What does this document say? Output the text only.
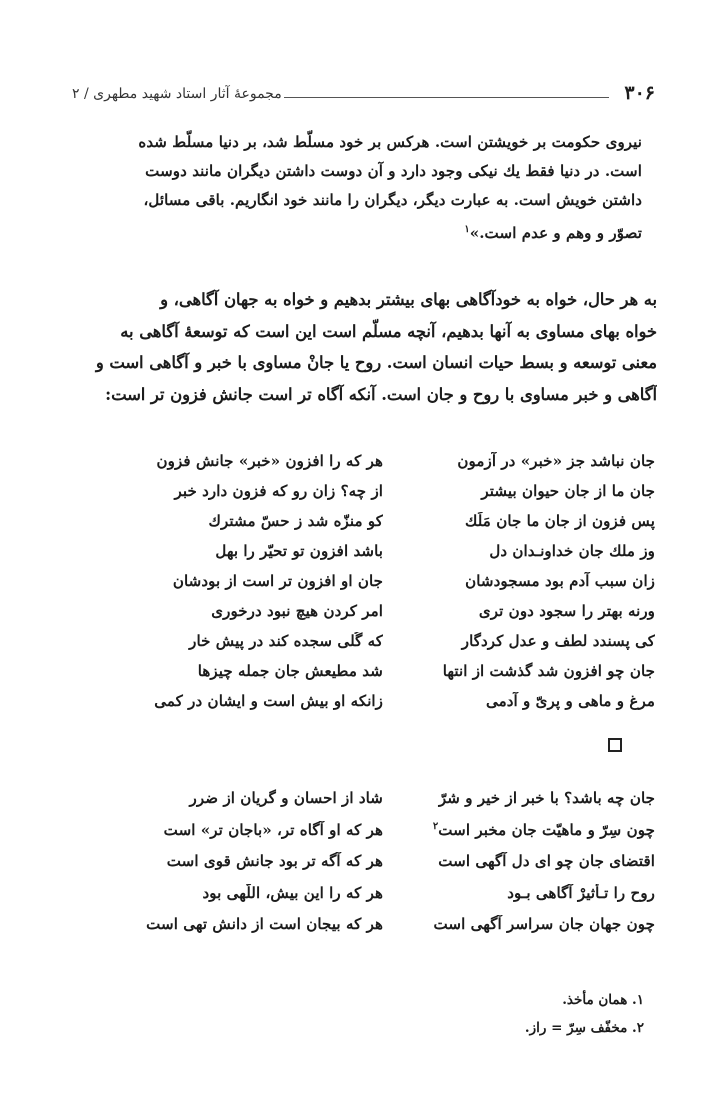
۳۰۶
مجموعهٔ آثار استاد شهید مطهری / ۲

نیروی حکومت بر خویشتن است. هرکس بر خود مسلّط شد، بر دنیا مسلّط شده

است. در دنیا فقط یك نیکی وجود دارد و آن دوست داشتن دیگران مانند دوست

داشتن خویش است. به عبارت دیگر، دیگران را مانند خود انگاریم. باقی مسائل،

تصوّر و وهم و عدم است.»$^۱$

به هر حال، خواه به خودآگاهی بهای بیشتر بدهیم و خواه به جهان آگاهی، و

خواه بهای مساوی به آنها بدهیم، آنچه مسلّم است این است که توسعهٔ آگاهی به

معنی توسعه و بسط حیات انسان است. روح یا جانْ مساوی با خبر و آگاهی است و

آگاهی و خبر مساوی با روح و جان است. آنکه آگاه تر است جانش فزون تر است:

جان نباشد جز «خبر» در آزمون
هر که را افزون «خبر» جانش فزون
جان ما از جان حیوان بیشتر
از چه؟ زان رو که فزون دارد خبر
پس فزون از جان ما جان مَلَك
کو منزّه شد ز حسّ مشترك
وز ملك جان خداونـدان دل
باشد افزون تو تحیّر را بهل
زان سبب آدم بود مسجودشان
جان او افزون تر است از بودشان
ورنه بهتر را سجود دون تری
امر کردن هیچ نبود درخوری
کی پسندد لطف و عدل کردگار
که گُلی سجده کند در پیش خار
جان چو افزون شد گذشت از انتها
شد مطیعش جان جمله چیزها
مرغ و ماهی و پریّ و آدمی
زانکه او بیش است و ایشان در کمی
جان چه باشد؟ با خبر از خیر و شرّ
شاد از احسان و گریان از ضرر
چون سِرّ و ماهیّت جان مخبر است$^۲$
هر که او آگاه تر، «باجان تر» است
اقتضای جان چو ای دل آگهی است
هر که آگه تر بود جانش قوی است
روح را تـأثیرْ آگاهی بـود
هر که را این بیش، اللّهی بود
چون جهان جان سراسر آگهی است
هر که بیجان است از دانش تهی است

۱. همان مأخذ.

۲. مخفّف سِرّ = راز.
